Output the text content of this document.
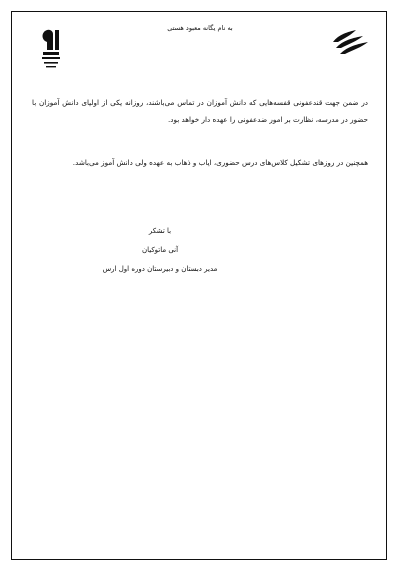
به نام یگانه معبود هستی
در ضمن جهت قندعفونی قفسه‌هایی که دانش آموزان در تماس می‌باشند، روزانه یکی از اولیای دانش آموزان با حضور در مدرسه، نظارت بر امور ضدعفونی را عهده دار خواهد بود.
همچنین در روزهای تشکیل کلاس‌های درس حضوری، ایاب و ذهاب به عهده ولی دانش آموز می‌باشد.
با تشکر
آنی ماتوکیان
مدیر دبستان و دبیرستان دوره اول ارس
